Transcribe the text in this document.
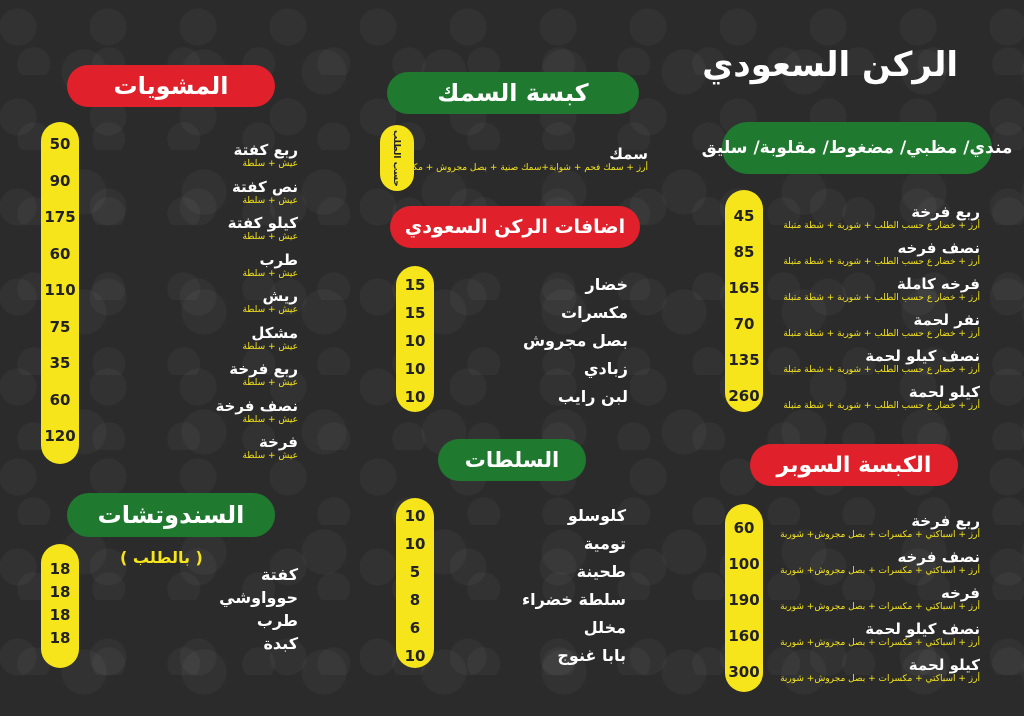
الركن السعودي
مندي/ مظبي/ مضغوط/ مقلوبة/ سليق
45	ربع فرخة
أرز + خضار ع حسب الطلب + شوربة + شطة متبلة
85	نصف فرخه
أرز + خضار ع حسب الطلب + شوربة + شطة متبلة
165	فرخه كاملة
أرز + خضار ع حسب الطلب + شوربة + شطة متبلة
70	نفر لحمة
أرز + خضار ع حسب الطلب + شوربة + شطة متبلة
135	نصف كيلو لحمة
أرز + خضار ع حسب الطلب + شوربة + شطة متبلة
260	كيلو لحمة
أرز + خضار ع حسب الطلب + شوربة + شطة متبلة
الكبسة السوبر
60	ربع فرخة
أرز + اسباكتي + مكسرات + بصل مجروش+ شوربة
100	نصف فرخه
أرز + اسباكتي + مكسرات + بصل مجروش+ شوربة
190	فرخه
أرز + اسباكتي + مكسرات + بصل مجروش+ شوربة
160	نصف كيلو لحمة
أرز + اسباكتي + مكسرات + بصل مجروش+ شوربة
300	كيلو لحمة
أرز + اسباكتي + مكسرات + بصل مجروش+ شوربة
كبسة السمك
حسب الطلب	سمك
أرز + سمك فحم + شوابة+سمك صنية + بصل مجروش + مكسرات
اضافات الركن السعودي
15	خضار
15	مكسرات
10	بصل مجروش
10	زبادي
10	لبن رايب
السلطات
10	كلوسلو
10	تومية
5	طحينة
8	سلطة خضراء
6	مخلل
10	بابا غنوج
المشويات
50	ربع كفتة
عيش + سلطة
90	نص كفتة
عيش + سلطة
175	كيلو كفتة
عيش + سلطة
60	طرب
عيش + سلطة
110	ريش
عيش + سلطة
75	مشكل
عيش + سلطة
35	ربع فرخة
عيش + سلطة
60	نصف فرخة
عيش + سلطة
120	فرخة
عيش + سلطة
السندوتشات
( بالطلب )
18	كفتة
18	حوواوشي
18	طرب
18	كبدة
